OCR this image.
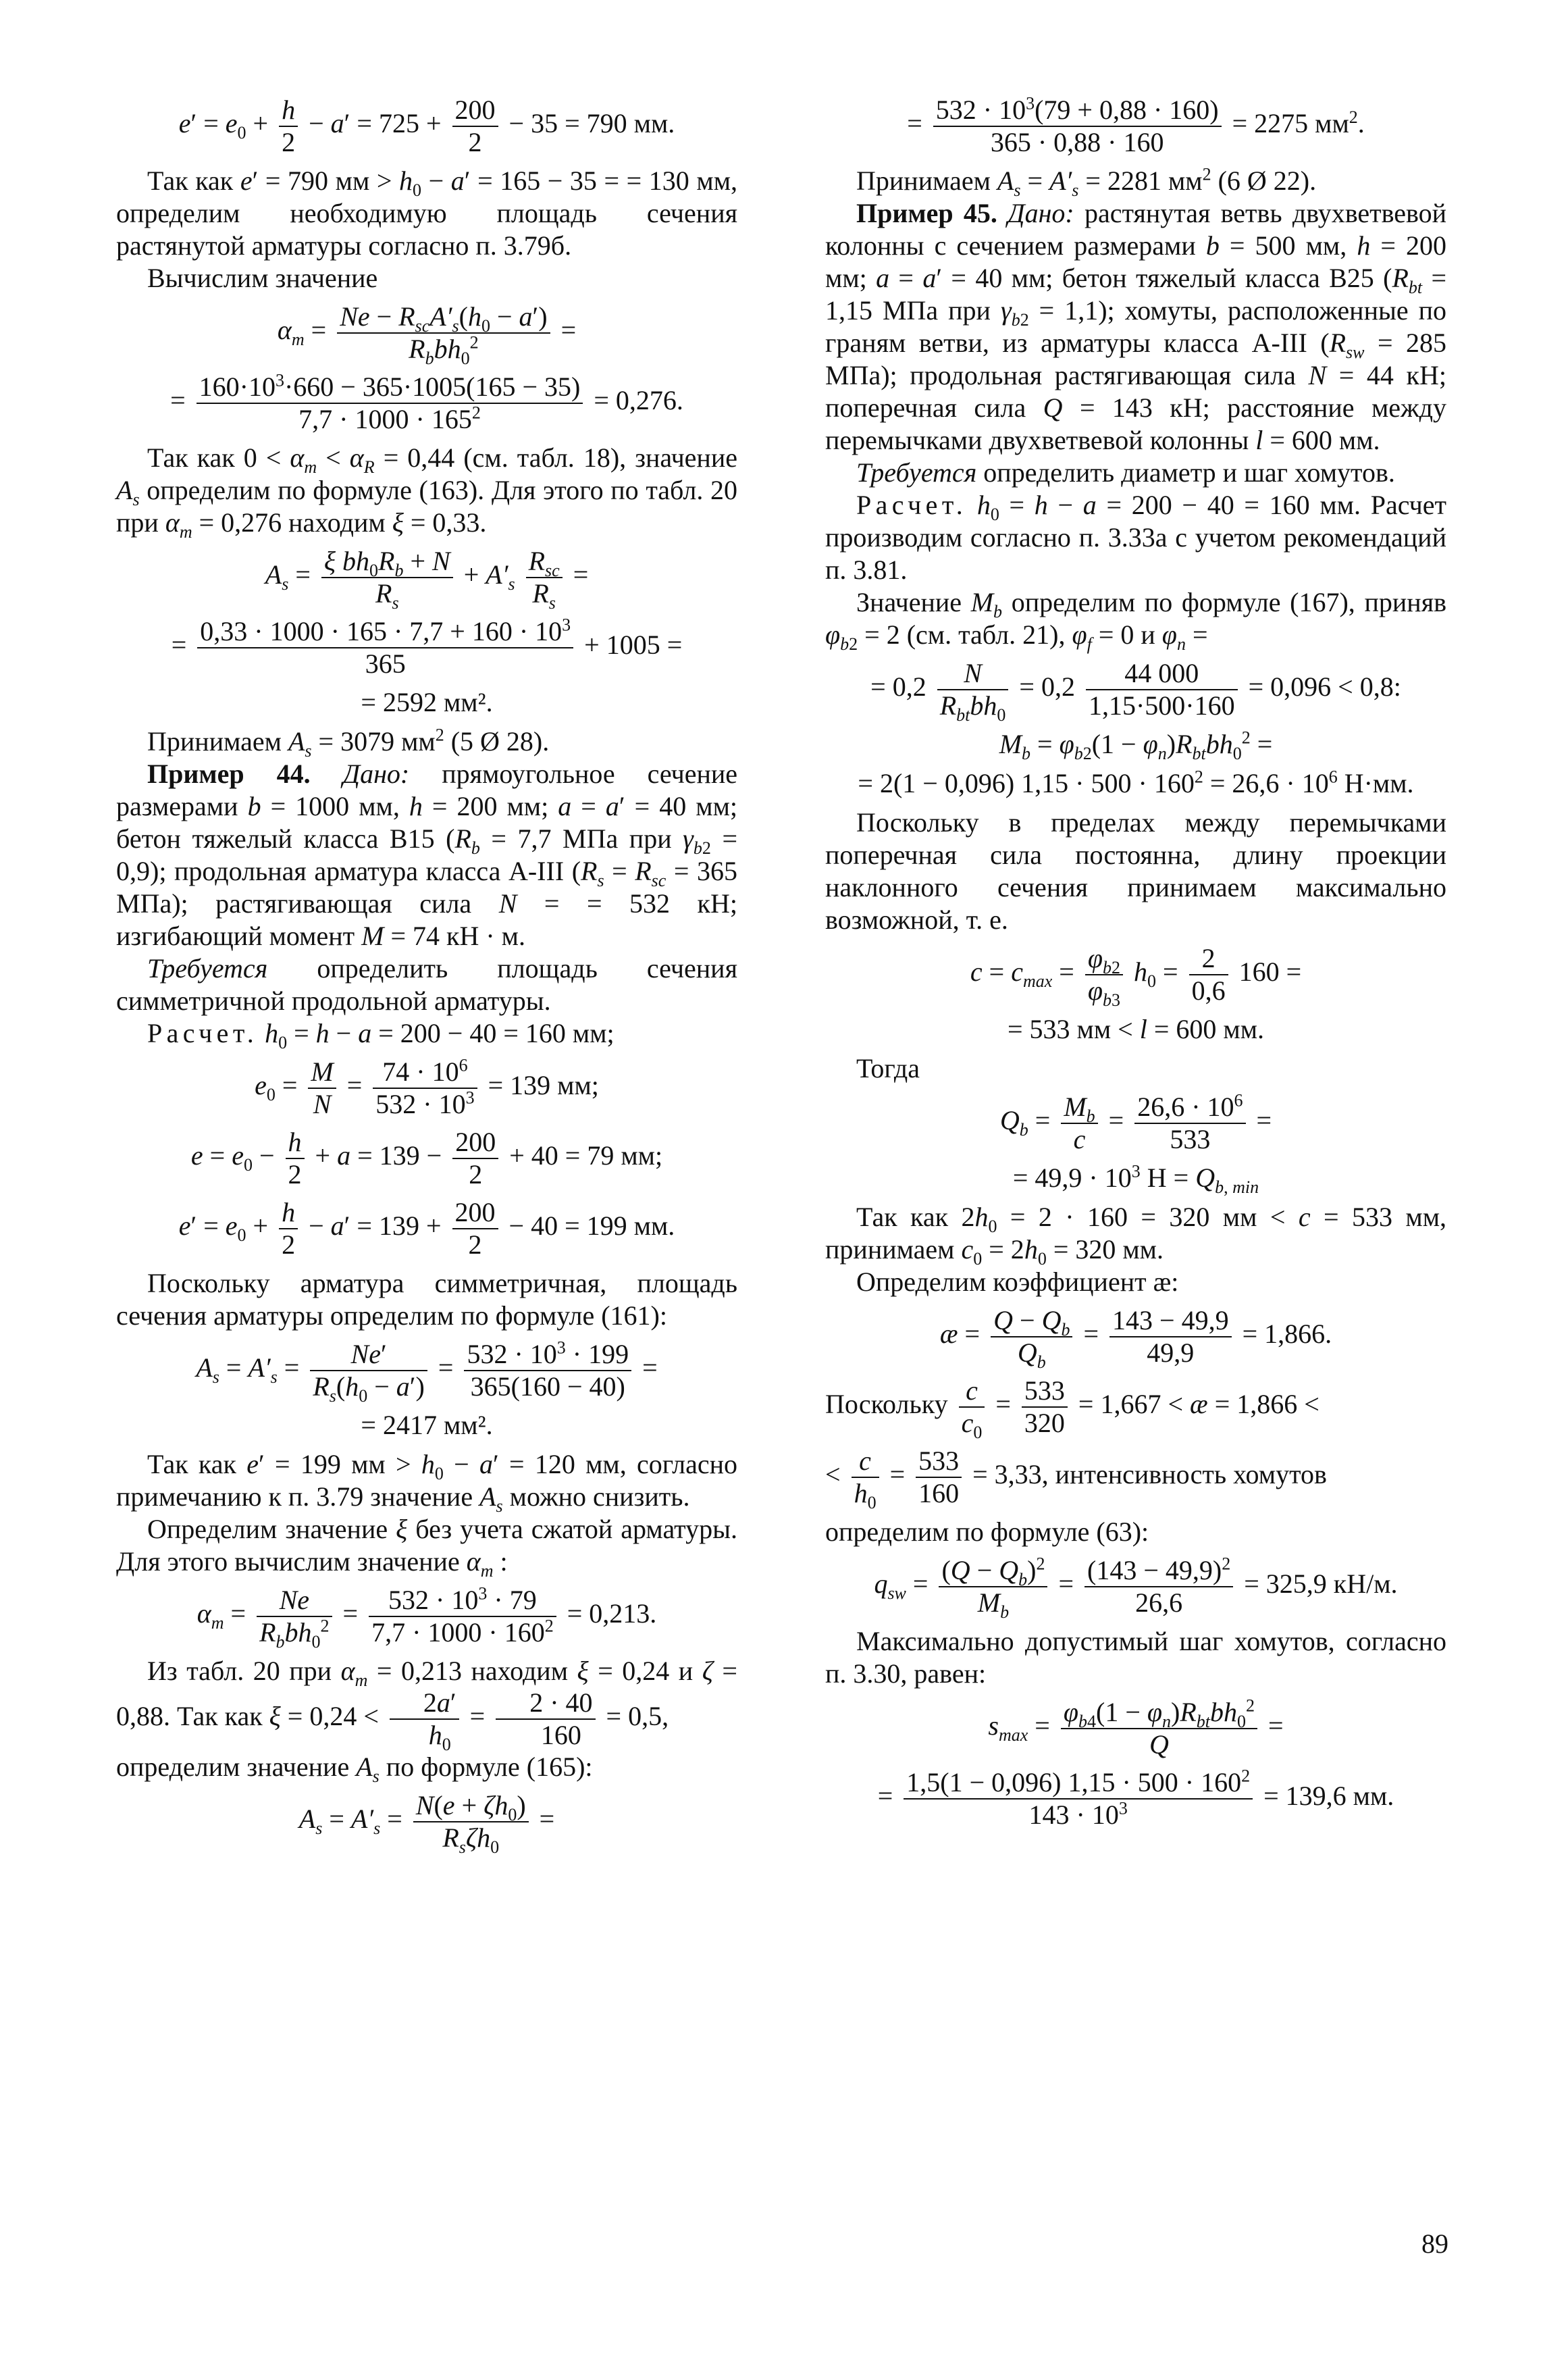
$e' = e_0 + \frac{h}{2} - a' = 725 + \frac{200}{2} - 35 = 790$ мм.

Так как e′ = 790 мм > $h_0 - a' = 165 - 35$ = = 130 мм, определим необходимую площадь сечения растянутой арматуры согласно п. 3.79б.

Вычислим значение

$\alpha_m = \frac{Ne - R_{sc}A'_s(h_0 - a')}{R_bbh_0^2}$ =
= $\frac{160\cdot 10^3\cdot 660 - 365\cdot 1005(165 - 35)}{7,7 \cdot 1000 \cdot 165^2} = 0,276$.

Так как $0 < \alpha_m < \alpha_R = 0,44$ (см. табл. 18), значение $A_s$ определим по формуле (163). Для этого по табл. 20 при $\alpha_m = 0,276$ находим ξ = 0,33.

$A_s = \frac{\xi bh_0R_b + N}{R_s} + A'_s \frac{R_{sc}}{R_s}$ =
= $\frac{0,33 \cdot 1000 \cdot 165 \cdot 7,7 + 160 \cdot 10^3}{365} + 1005$ =
= 2592 мм².

Принимаем $A_s = 3079$ $мм^2$ (5 Ø 28).

Пример 44. Дано: прямоугольное сечение размерами b = 1000 мм, h = 200 мм; a = a′ = 40 мм; бетон тяжелый класса B15 ($R_b = 7,7$ МПа при $\gamma_{b2} = 0,9$); продольная арматура класса A-III ($R_s = R_{sc} = 365$ МПа); растягивающая сила N = = 532 кН; изгибающий момент M = 74 кН · м.

Требуется определить площадь сечения симметричной продольной арматуры.

Расчет. $h_0 = h - a = 200 - 40 = 160$ мм;

$e_0 = \frac{M}{N} = \frac{74 \cdot 10^6}{532 \cdot 10^3} = 139$ мм;
$e = e_0 - \frac{h}{2} + a = 139 - \frac{200}{2} + 40 = 79$ мм;
$e' = e_0 + \frac{h}{2} - a' = 139 + \frac{200}{2} - 40 = 199$ мм.

Поскольку арматура симметричная, площадь сечения арматуры определим по формуле (161):

$A_s = A'_s = \frac{Ne'}{R_s(h_0 - a')} = \frac{532 \cdot 10^3 \cdot 199}{365(160 - 40)}$ =
= 2417 мм².

Так как e′ = 199 мм > $h_0 - a' = 120$ мм, согласно примечанию к п. 3.79 значение $A_s$ можно снизить.

Определим значение ξ без учета сжатой арматуры. Для этого вычислим значение $\alpha_m$ :

$\alpha_m = \frac{Ne}{R_bbh_0^2} = \frac{532 \cdot 10^3 \cdot 79}{7,7 \cdot 1000 \cdot 160^2} = 0,213$.

Из табл. 20 при $\alpha_m = 0,213$ находим ξ = 0,24 и ζ = 0,88. Так как $\xi = 0,24 < \frac{2a'}{h_0} = \frac{2 \cdot 40}{160} = 0,5$,

определим значение $A_s$ по формуле (165):

$A_s = A'_s = \frac{N(e + \zeta h_0)}{R_s\zeta h_0}$ =
= $\frac{532 \cdot 10^3(79 + 0,88 \cdot 160)}{365 \cdot 0,88 \cdot 160} = 2275$ $мм^2$.

Принимаем $A_s = A'_s = 2281$ $мм^2$ (6 Ø 22).

Пример 45. Дано: растянутая ветвь двухветвевой колонны с сечением размерами b = 500 мм, h = 200 мм; a = a′ = 40 мм; бетон тяжелый класса B25 ($R_{bt} = 1,15$ МПа при $\gamma_{b2} = 1,1$); хомуты, расположенные по граням ветви, из арматуры класса A-III ($R_{sw} = 285$ МПа); продольная растягивающая сила N = 44 кН; поперечная сила Q = 143 кН; расстояние между перемычками двухветвевой колонны l = 600 мм.

Требуется определить диаметр и шаг хомутов.

Расчет. $h_0 = h - a = 200 - 40 = 160$ мм. Расчет производим согласно п. 3.33а с учетом рекомендаций п. 3.81.

Значение $M_b$ определим по формуле (167), приняв $\varphi_{b2} = 2$ (см. табл. 21), $\varphi_f = 0$ и $\varphi_n$ =

= $0,2 \frac{N}{R_{bt}bh_0} = 0,2 \frac{44 000}{1,15\cdot 500\cdot 160} = 0,096 < 0,8$:
$M_b = \varphi_{b2}(1 - \varphi_n)R_{bt}bh_0^2$ =
= 2(1 − 0,096) $1,15 \cdot 500 \cdot 160^2 = 26,6 \cdot 10^6$ Н·мм.

Поскольку в пределах между перемычками поперечная сила постоянна, длину проекции наклонного сечения принимаем максимально возможной, т. е.

$c = c_{max} = \frac{\varphi_{b2}}{\varphi_{b3}} h_0 = \frac{2}{0,6} 160$ =
= 533 мм < l = 600 мм.

Тогда

$Q_b = \frac{M_b}{c} = \frac{26,6 \cdot 10^6}{533}$ =
= $49,9 \cdot 10^3$ $Н = Q_{b, min}$

Так как $2h_0 = 2 \cdot 160 = 320$ мм < c = 533 мм, принимаем $c_0 = 2h_0 = 320$ мм.

Определим коэффициент æ:

æ = $\frac{Q - Q_b}{Q_b} = \frac{143 - 49,9}{49,9} = 1,866$.
Поскольку $\frac{c}{c_0} = \frac{533}{320} = 1,667$ < æ = 1,866 <
< $\frac{c}{h_0} = \frac{533}{160} = 3,33$, интенсивность хомутов

определим по формуле (63):

$q_{sw} = \frac{(Q - Q_b)^2}{M_b} = \frac{(143 - 49,9)^2}{26,6} = 325,9$ кН/м.

Максимально допустимый шаг хомутов, согласно п. 3.30, равен:

$s_{max} = \frac{\varphi_{b4}(1 - \varphi_n)R_{bt}bh_0^2}{Q}$ =
= $\frac{1,5(1 - 0,096) 1,15 \cdot 500 \cdot 160^2}{143 \cdot 10^3} = 139,6$ мм.
89
